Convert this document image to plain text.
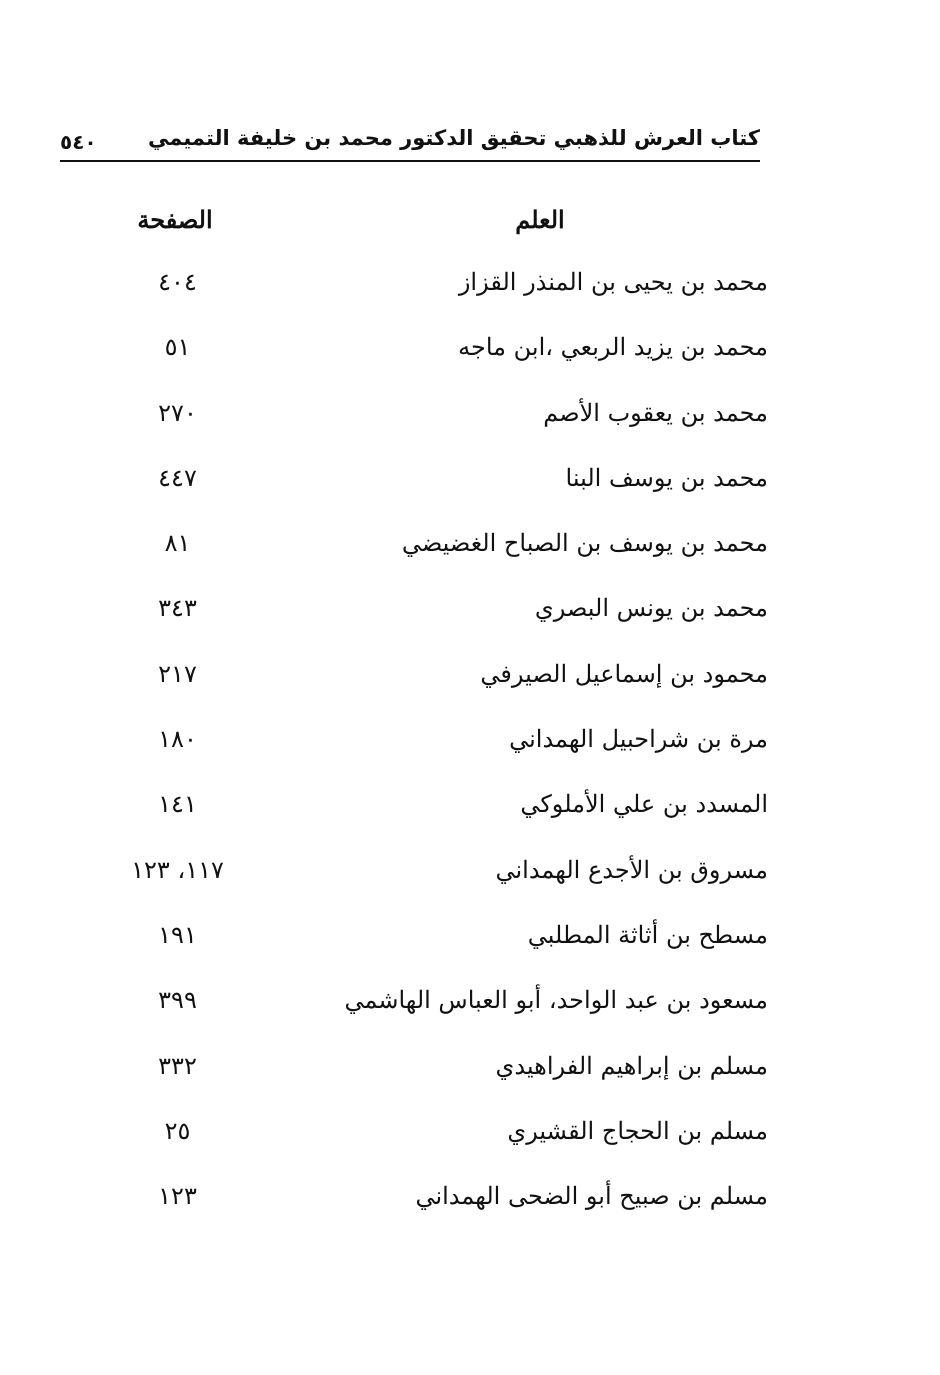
كتاب العرش للذهبي تحقيق الدكتور محمد بن خليفة التميمي
٥٤٠
العلم
الصفحة
محمد بن يحيى بن المنذر القزاز
٤٠٤
محمد بن يزيد الربعي ،ابن ماجه
٥١
محمد بن يعقوب الأصم
٢٧٠
محمد بن يوسف البنا
٤٤٧
محمد بن يوسف بن الصباح الغضيضي
٨١
محمد بن يونس البصري
٣٤٣
محمود بن إسماعيل الصيرفي
٢١٧
مرة بن شراحبيل الهمداني
١٨٠
المسدد بن علي الأملوكي
١٤١
مسروق بن الأجدع الهمداني
١١٧، ١٢٣
مسطح بن أثاثة المطلبي
١٩١
مسعود بن عبد الواحد، أبو العباس الهاشمي
٣٩٩
مسلم بن إبراهيم الفراهيدي
٣٣٢
مسلم بن الحجاج القشيري
٢٥
مسلم بن صبيح أبو الضحى الهمداني
١٢٣
